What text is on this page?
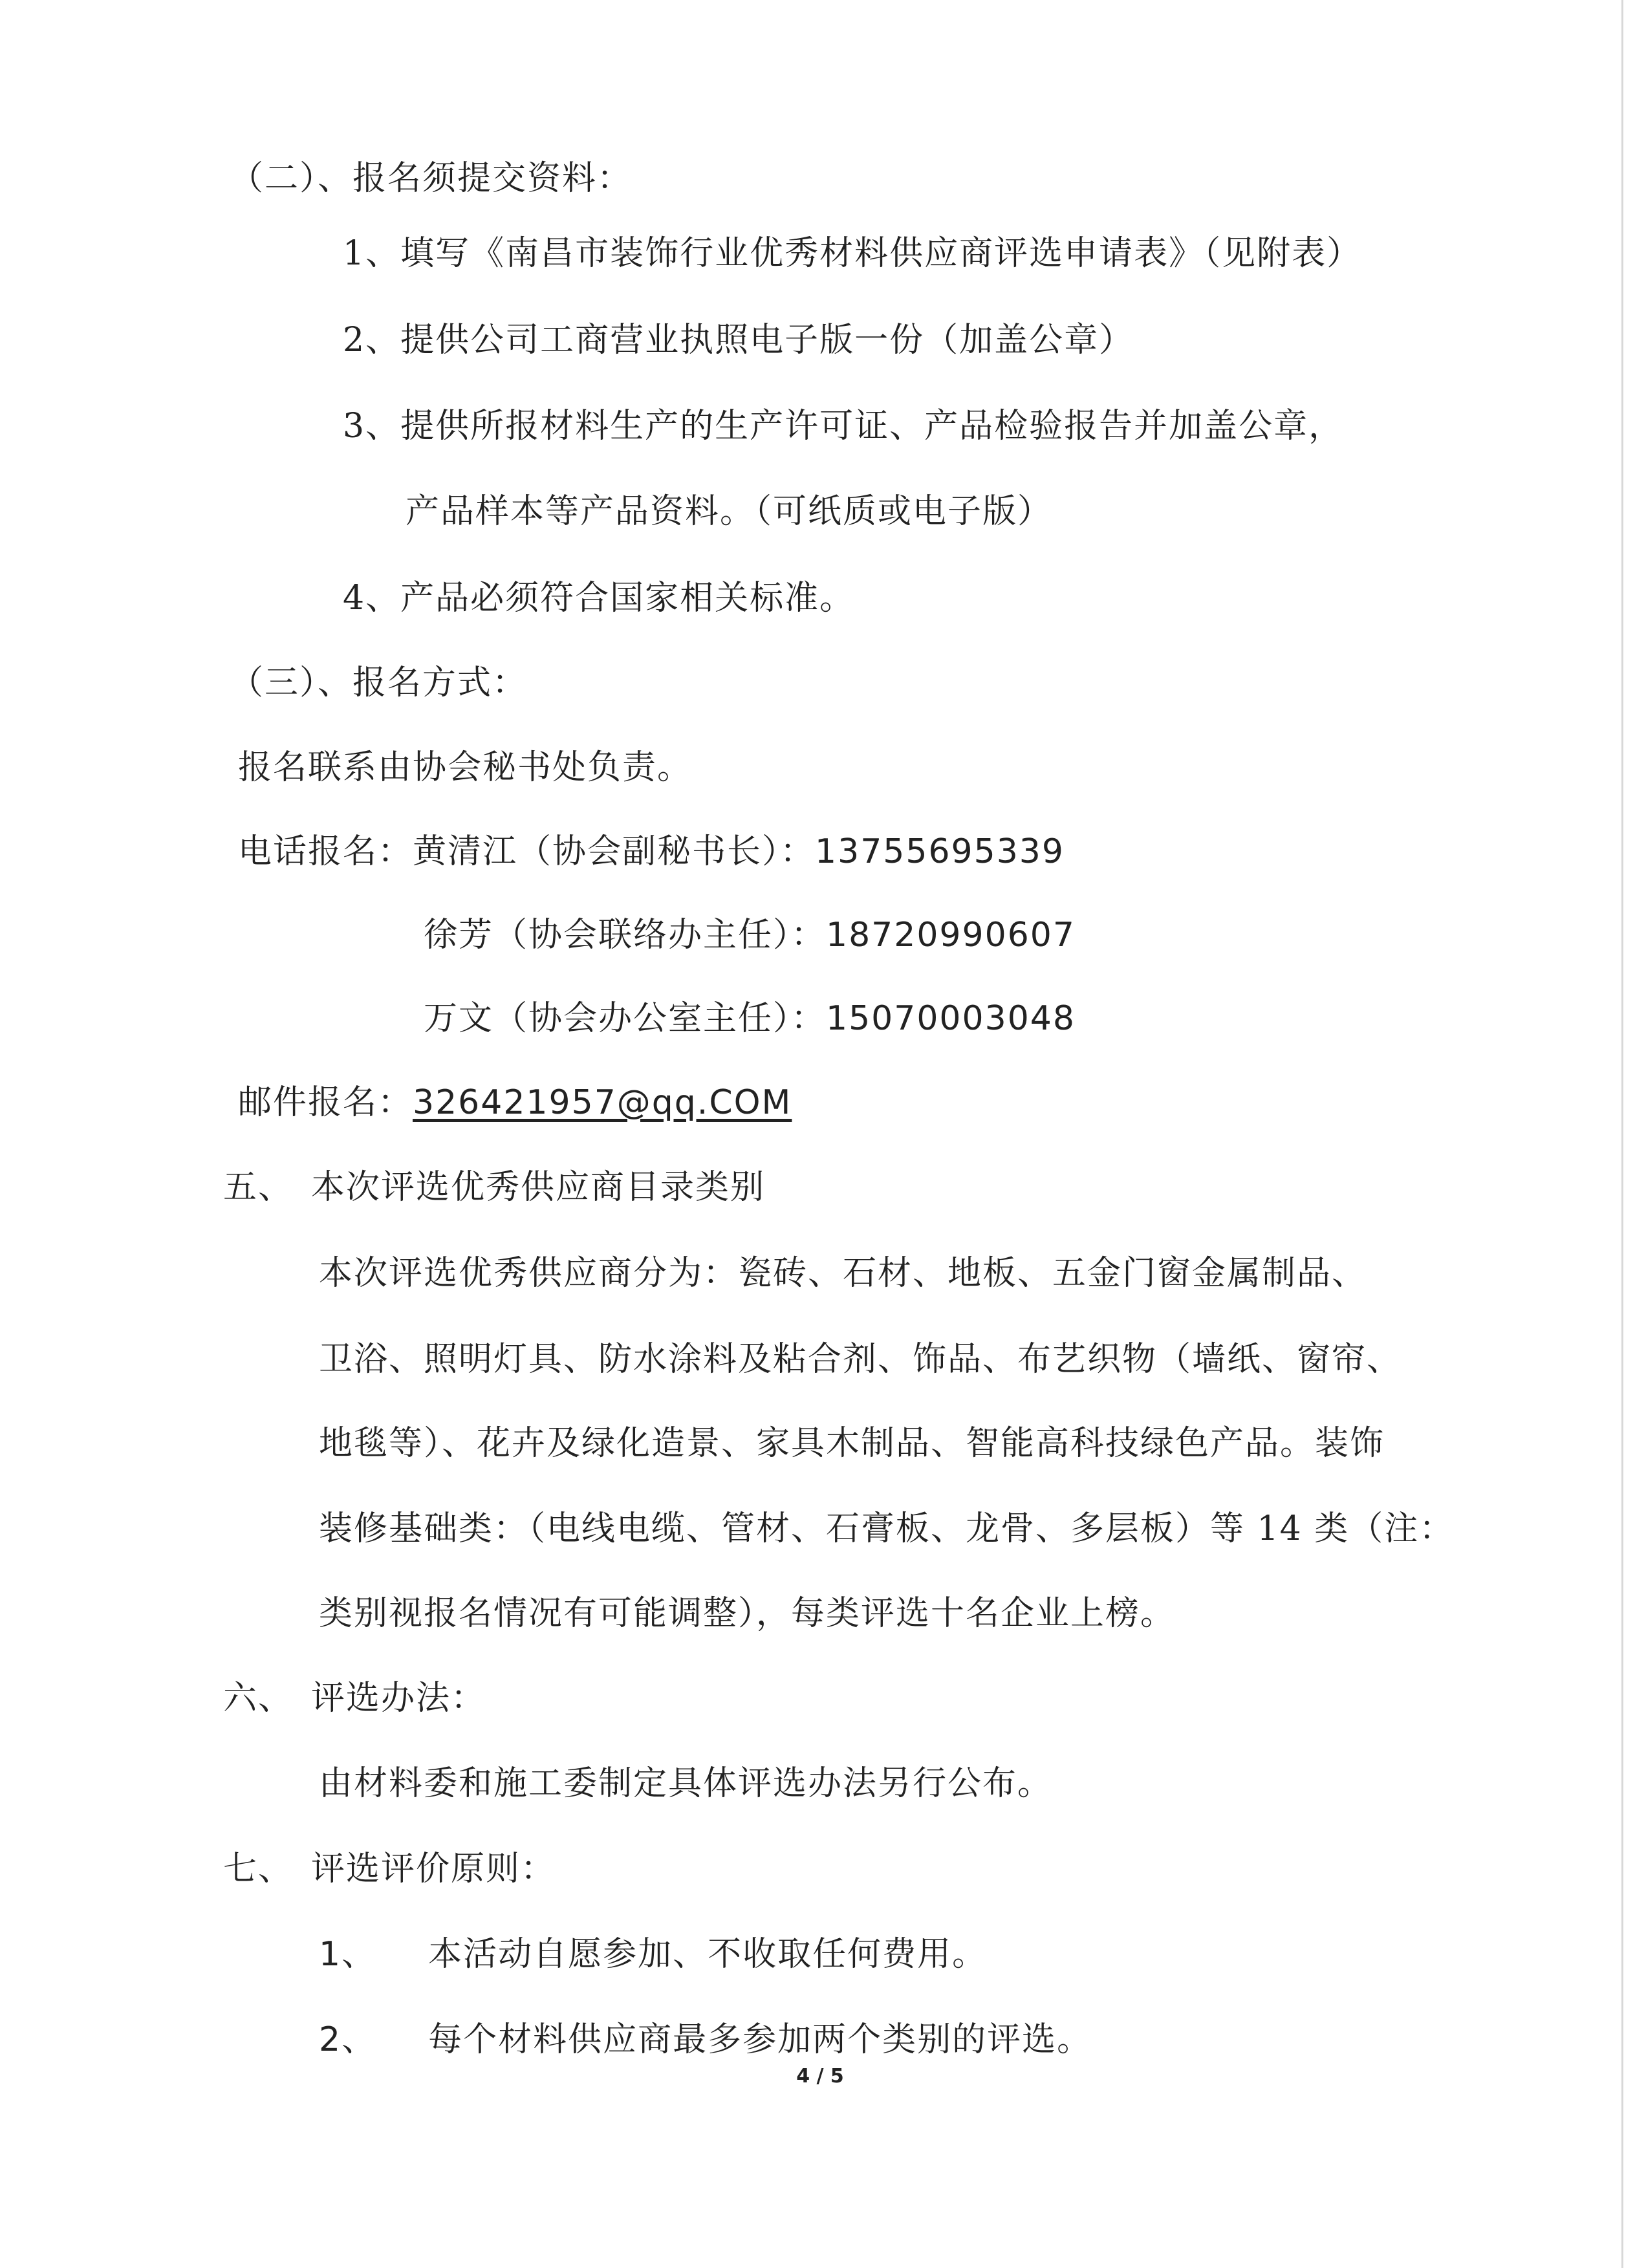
（二）、报名须提交资料：
1、填写《南昌市装饰行业优秀材料供应商评选申请表》（见附表）
2、提供公司工商营业执照电子版一份（加盖公章）
3、提供所报材料生产的生产许可证、产品检验报告并加盖公章，
产品样本等产品资料。（可纸质或电子版）
4、产品必须符合国家相关标准。
（三）、报名方式：
报名联系由协会秘书处负责。
电话报名：黄清江（协会副秘书长）：13755695339
徐芳（协会联络办主任）：18720990607
万文（协会办公室主任）：15070003048
邮件报名：326421957@qq.COM
五、　本次评选优秀供应商目录类别
本次评选优秀供应商分为：瓷砖、石材、地板、五金门窗金属制品、
卫浴、照明灯具、防水涂料及粘合剂、饰品、布艺织物（墙纸、窗帘、
地毯等）、花卉及绿化造景、家具木制品、智能高科技绿色产品。装饰
装修基础类：（电线电缆、管材、石膏板、龙骨、多层板）等 14 类（注：
类别视报名情况有可能调整），每类评选十名企业上榜。
六、　评选办法：
由材料委和施工委制定具体评选办法另行公布。
七、　评选评价原则：
1、 本活动自愿参加、不收取任何费用。
2、 每个材料供应商最多参加两个类别的评选。
4 / 5
